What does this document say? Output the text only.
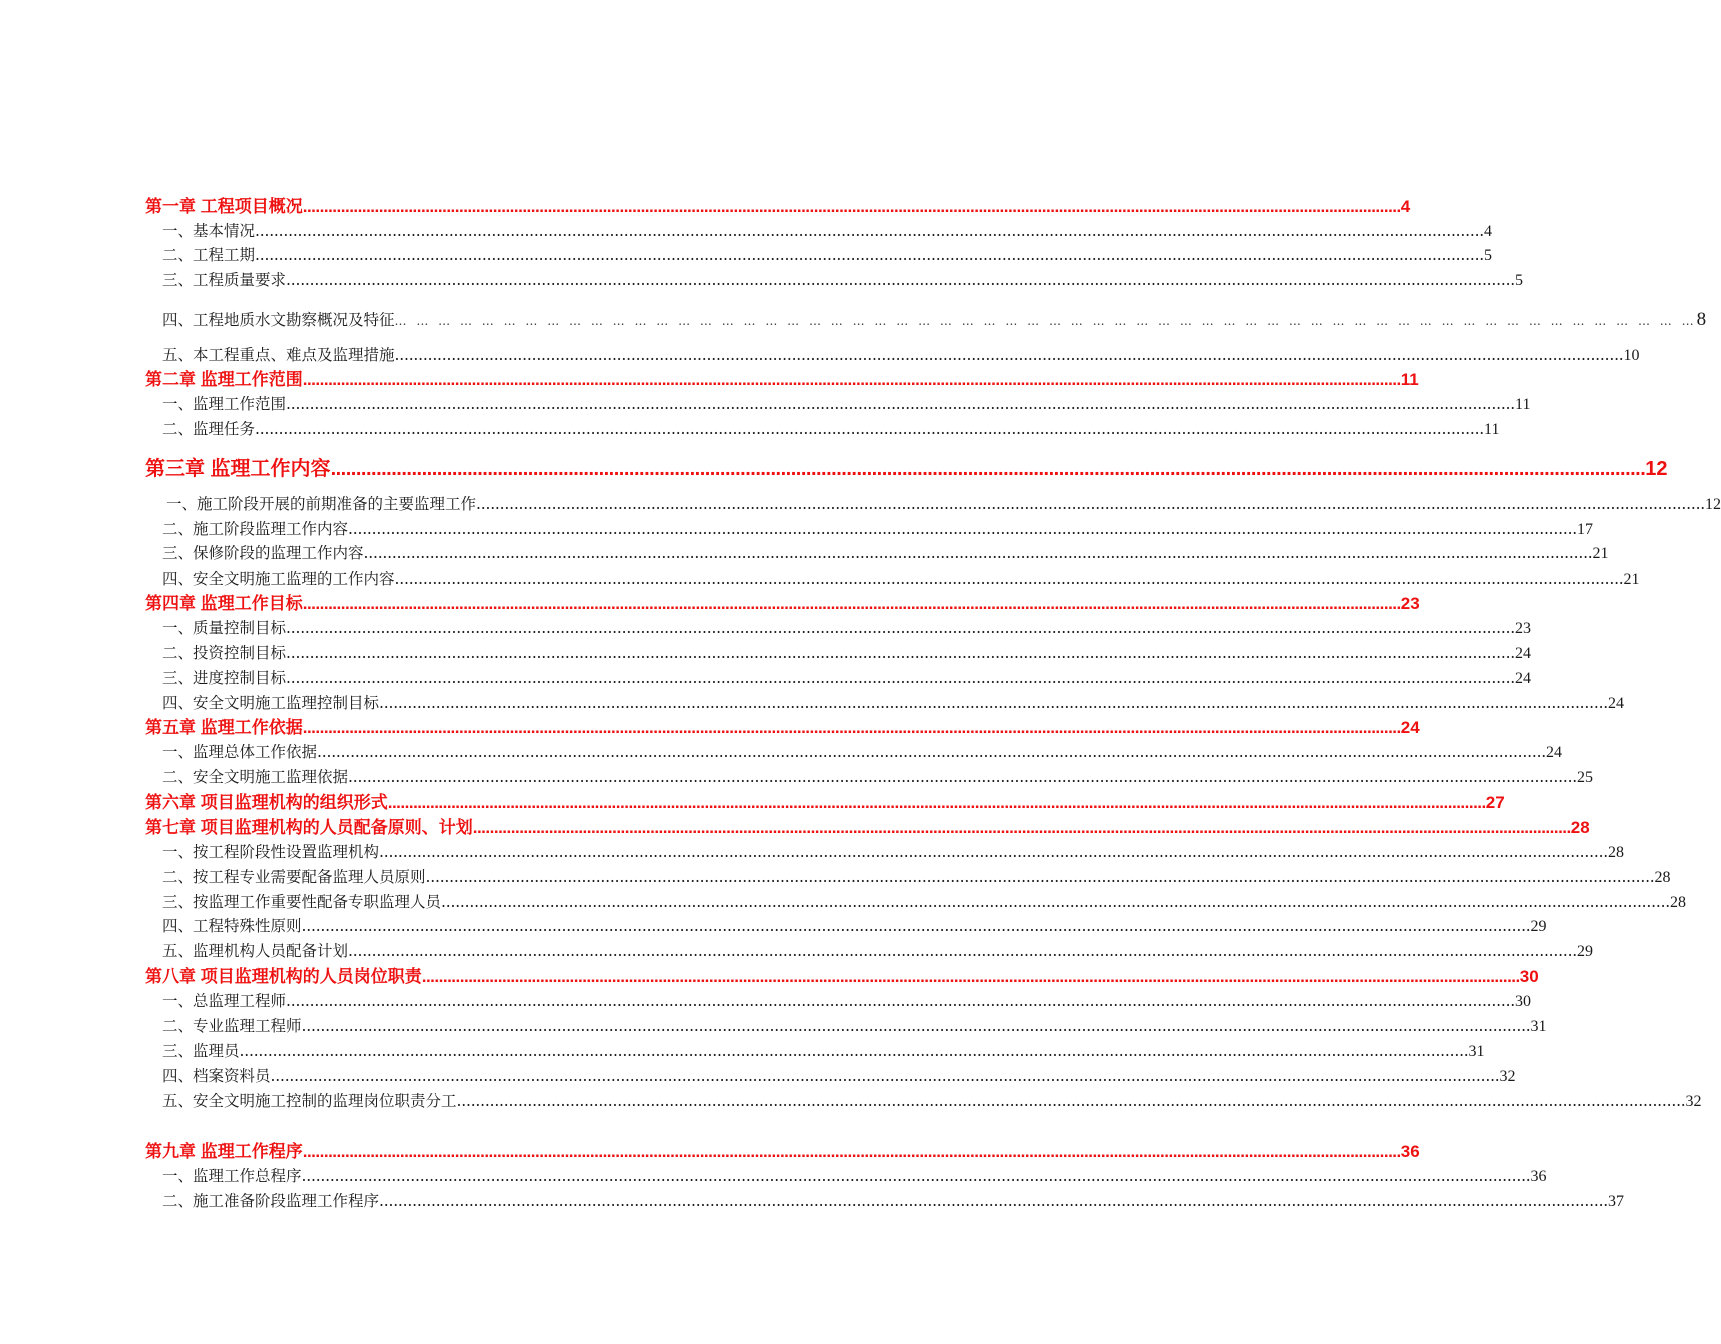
第一章 工程项目概况 .................................................................................................................................................................................................................................................................... 4
一、基本情况 .................................................................................................................................................................................................................................................................... 4
二、工程工期 .................................................................................................................................................................................................................................................................... 5
三、工程质量要求 .................................................................................................................................................................................................................................................................... 5
四、工程地质水文勘察概况及特征 … … … … … … … … … … … … … … … … … … … … … … … … … … … … … … … … … … … … … … … … … … … … … … … … … … … … … … … … … … … … 8
五、本工程重点、难点及监理措施 .................................................................................................................................................................................................................................................................... 10
第二章 监理工作范围 .................................................................................................................................................................................................................................................................... 11
一、监理工作范围 .................................................................................................................................................................................................................................................................... 11
二、监理任务 .................................................................................................................................................................................................................................................................... 11
第三章 监理工作内容 .................................................................................................................................................................................................................................................................... 12
一、施工阶段开展的前期准备的主要监理工作 .................................................................................................................................................................................................................................................................... 12
二、施工阶段监理工作内容 .................................................................................................................................................................................................................................................................... 17
三、保修阶段的监理工作内容 .................................................................................................................................................................................................................................................................... 21
四、安全文明施工监理的工作内容 .................................................................................................................................................................................................................................................................... 21
第四章 监理工作目标 .................................................................................................................................................................................................................................................................... 23
一、质量控制目标 .................................................................................................................................................................................................................................................................... 23
二、投资控制目标 .................................................................................................................................................................................................................................................................... 24
三、进度控制目标 .................................................................................................................................................................................................................................................................... 24
四、安全文明施工监理控制目标 .................................................................................................................................................................................................................................................................... 24
第五章 监理工作依据 .................................................................................................................................................................................................................................................................... 24
一、监理总体工作依据 .................................................................................................................................................................................................................................................................... 24
二、安全文明施工监理依据 .................................................................................................................................................................................................................................................................... 25
第六章 项目监理机构的组织形式 .................................................................................................................................................................................................................................................................... 27
第七章 项目监理机构的人员配备原则、计划 .................................................................................................................................................................................................................................................................... 28
一、按工程阶段性设置监理机构 .................................................................................................................................................................................................................................................................... 28
二、按工程专业需要配备监理人员原则 .................................................................................................................................................................................................................................................................... 28
三、按监理工作重要性配备专职监理人员 .................................................................................................................................................................................................................................................................... 28
四、工程特殊性原则 .................................................................................................................................................................................................................................................................... 29
五、监理机构人员配备计划 .................................................................................................................................................................................................................................................................... 29
第八章 项目监理机构的人员岗位职责 .................................................................................................................................................................................................................................................................... 30
一、总监理工程师 .................................................................................................................................................................................................................................................................... 30
二、专业监理工程师 .................................................................................................................................................................................................................................................................... 31
三、监理员 .................................................................................................................................................................................................................................................................... 31
四、档案资料员 .................................................................................................................................................................................................................................................................... 32
五、安全文明施工控制的监理岗位职责分工 .................................................................................................................................................................................................................................................................... 32
第九章 监理工作程序 .................................................................................................................................................................................................................................................................... 36
一、监理工作总程序 .................................................................................................................................................................................................................................................................... 36
二、施工准备阶段监理工作程序 .................................................................................................................................................................................................................................................................... 37
